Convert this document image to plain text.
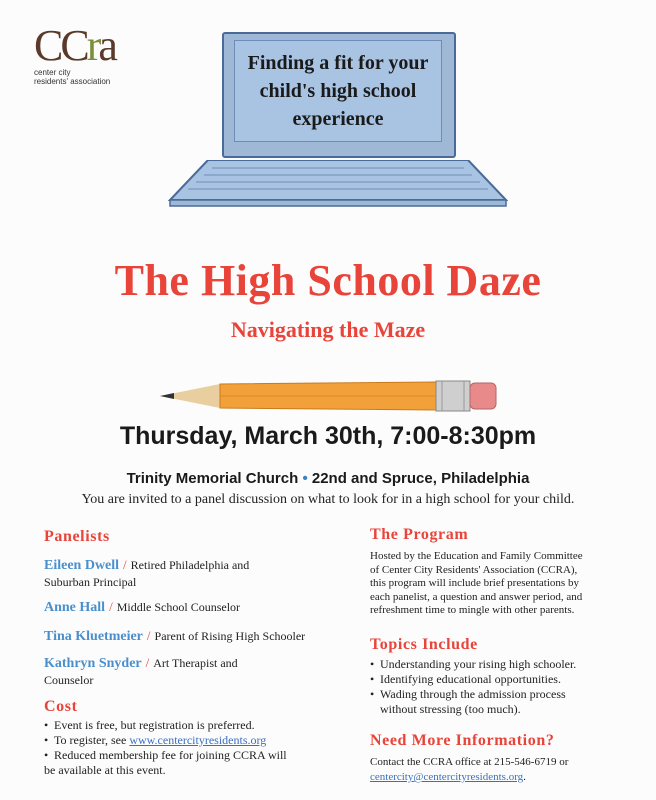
CCra
center city
residents' association
Finding a fit for your child's high school experience
The High School Daze
Navigating the Maze
Thursday, March 30th, 7:00-8:30pm
Trinity Memorial Church • 22nd and Spruce, Philadelphia
You are invited to a panel discussion on what to look for in a high school for your child.
Panelists
Eileen Dwell / Retired Philadelphia and
Suburban Principal
Anne Hall / Middle School Counselor
Tina Kluetmeier / Parent of Rising High Schooler
Kathryn Snyder / Art Therapist and
Counselor
Cost
• Event is free, but registration is preferred.
• To register, see www.centercityresidents.org
• Reduced membership fee for joining CCRA will
be available at this event.
The Program
Hosted by the Education and Family Committee
of Center City Residents' Association (CCRA),
this program will include brief presentations by
each panelist, a question and answer period, and
refreshment time to mingle with other parents.
Topics Include
• Understanding your rising high schooler.
• Identifying educational opportunities.
• Wading through the admission process
without stressing (too much).
Need More Information?
Contact the CCRA office at 215-546-6719 or
centercity@centercityresidents.org.
